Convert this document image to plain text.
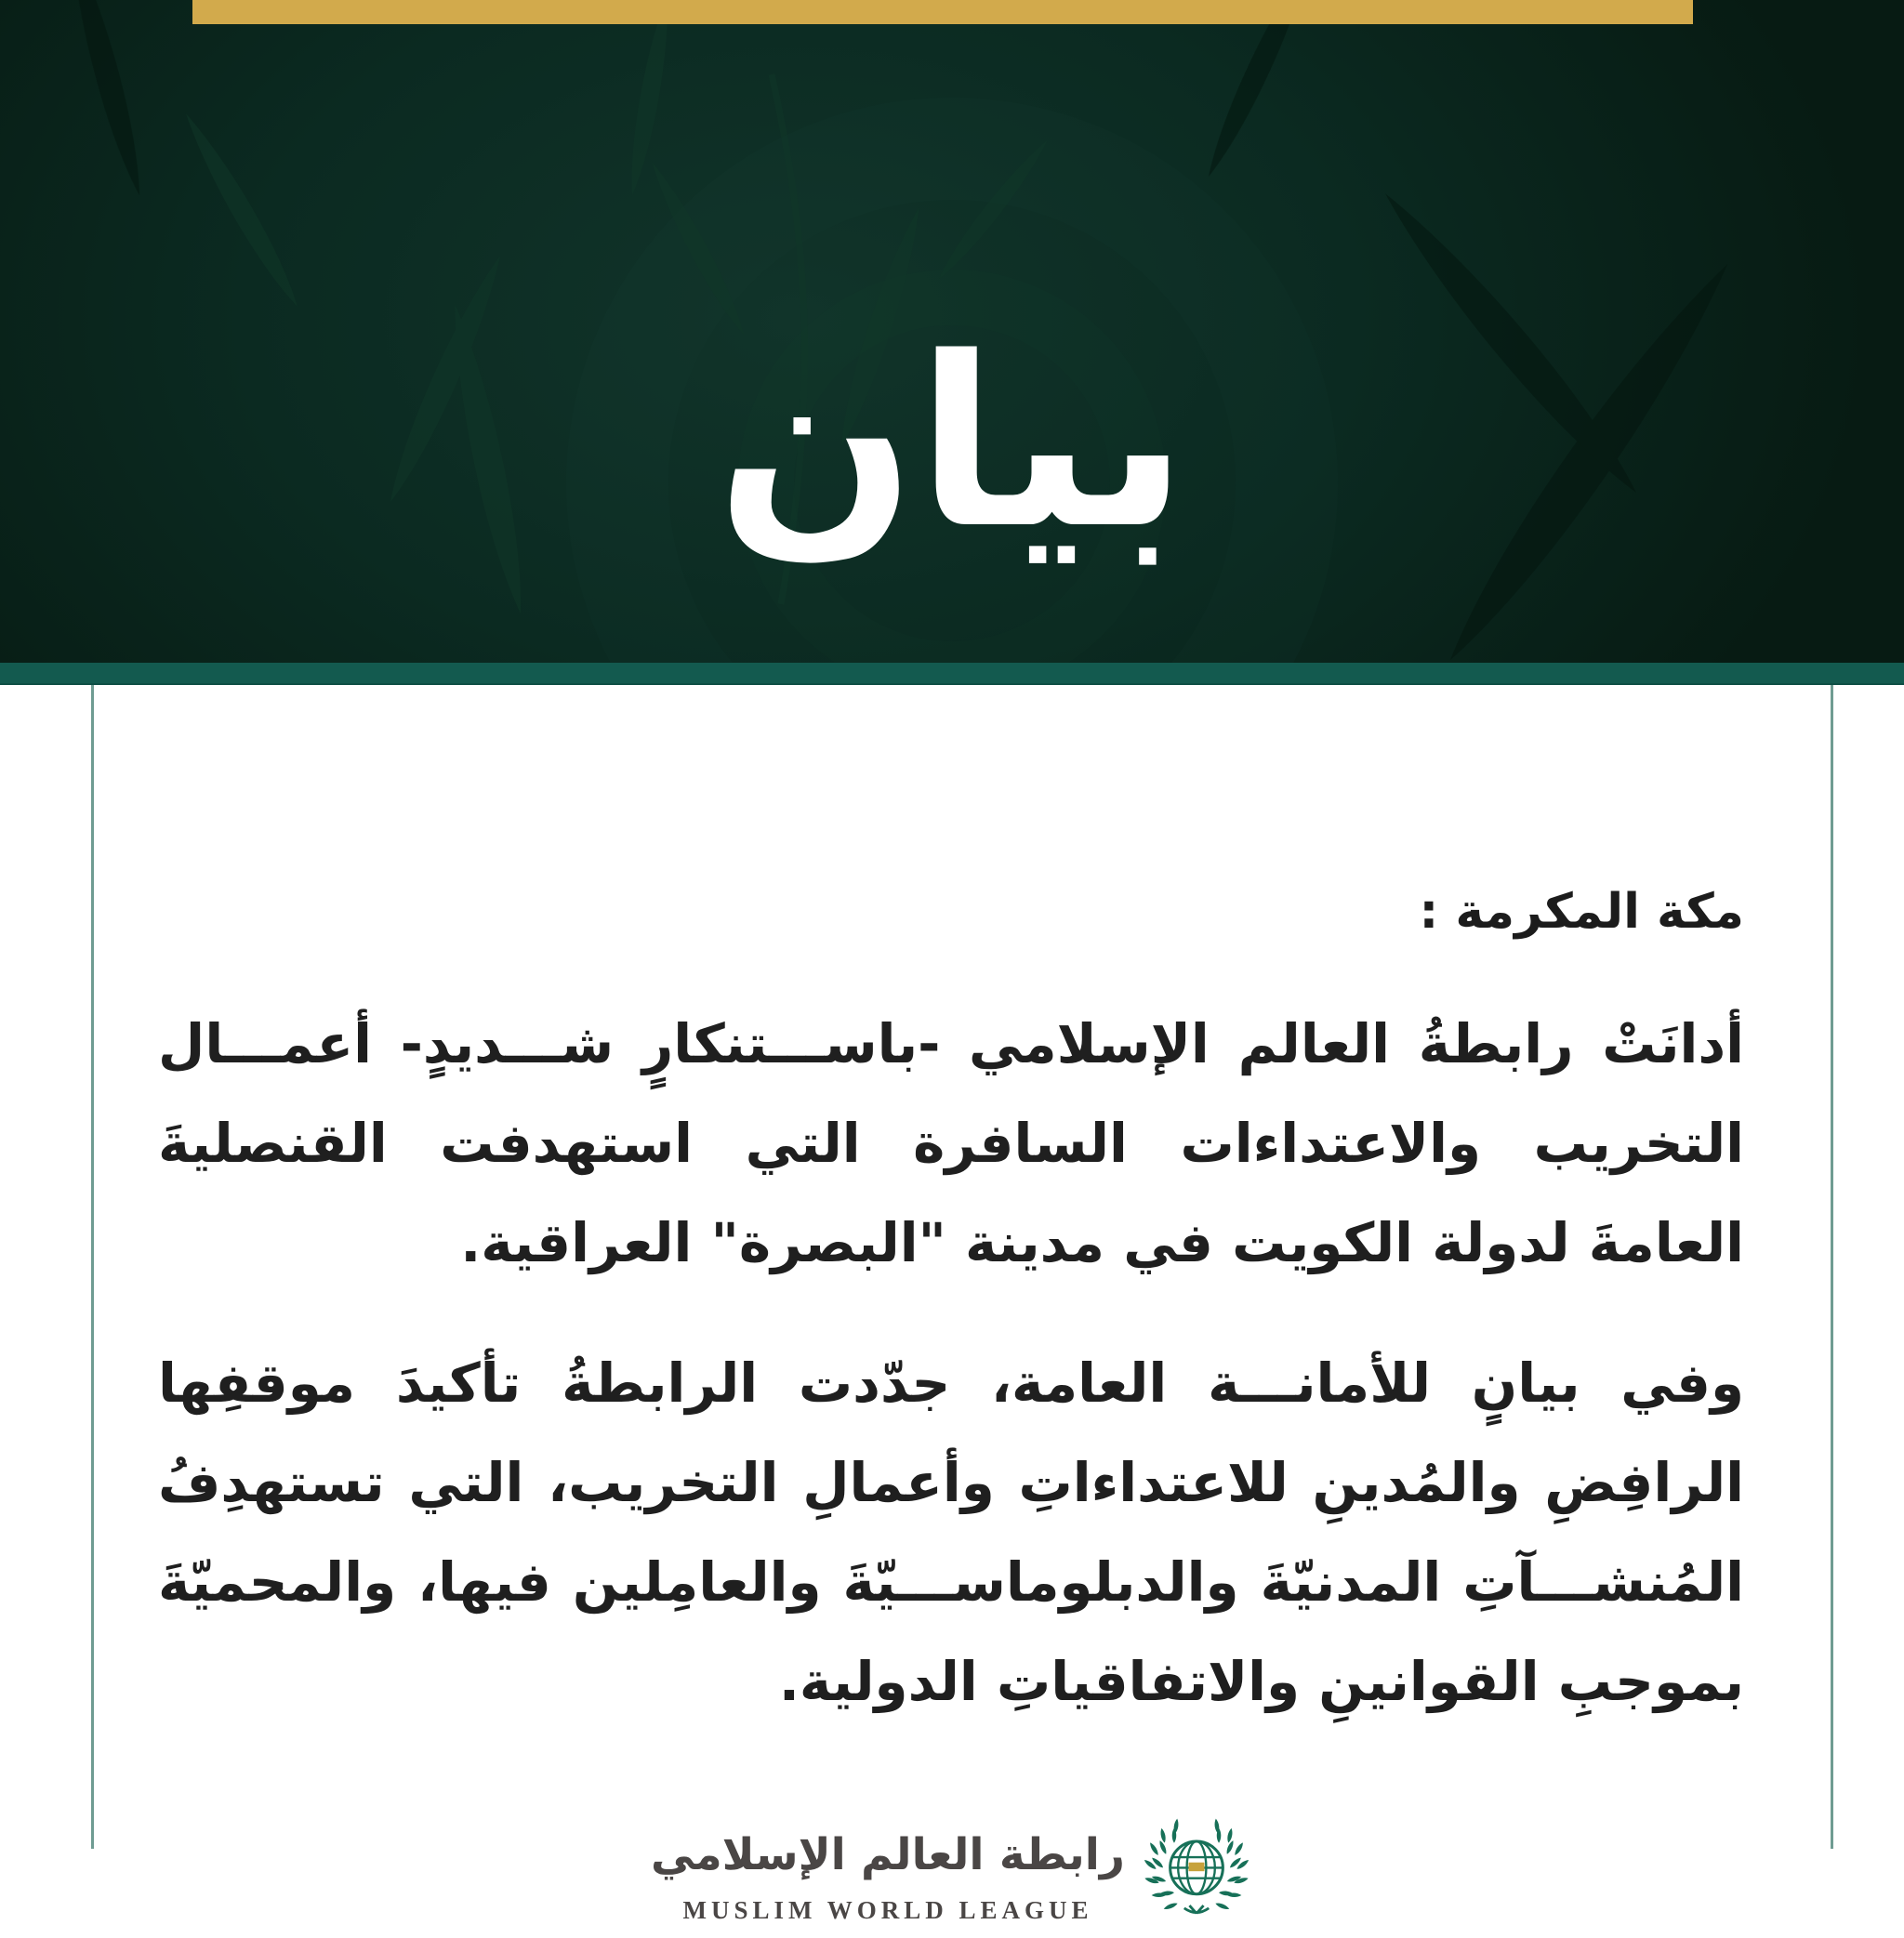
بيان
مكة المكرمة :

أدانَتْ رابطةُ العالم الإسلامي -باســـتنكارٍ شـــديدٍ- أعمـــال التخريب والاعتداءات السافرة التي استهدفت القنصليةَ العامةَ لدولة الكويت في مدينة "البصرة" العراقية.

وفي بيانٍ للأمانـــة العامة، جدّدت الرابطةُ تأكيدَ موقفِها الرافِضِ والمُدينِ للاعتداءاتِ وأعمالِ التخريب، التي تستهدِفُ المُنشـــآتِ المدنيّةَ والدبلوماســـيّةَ والعامِلين فيها، والمحميّةَ بموجبِ القوانينِ والاتفاقياتِ الدولية.

رابطة العالم الإسلامي
MUSLIM WORLD LEAGUE
